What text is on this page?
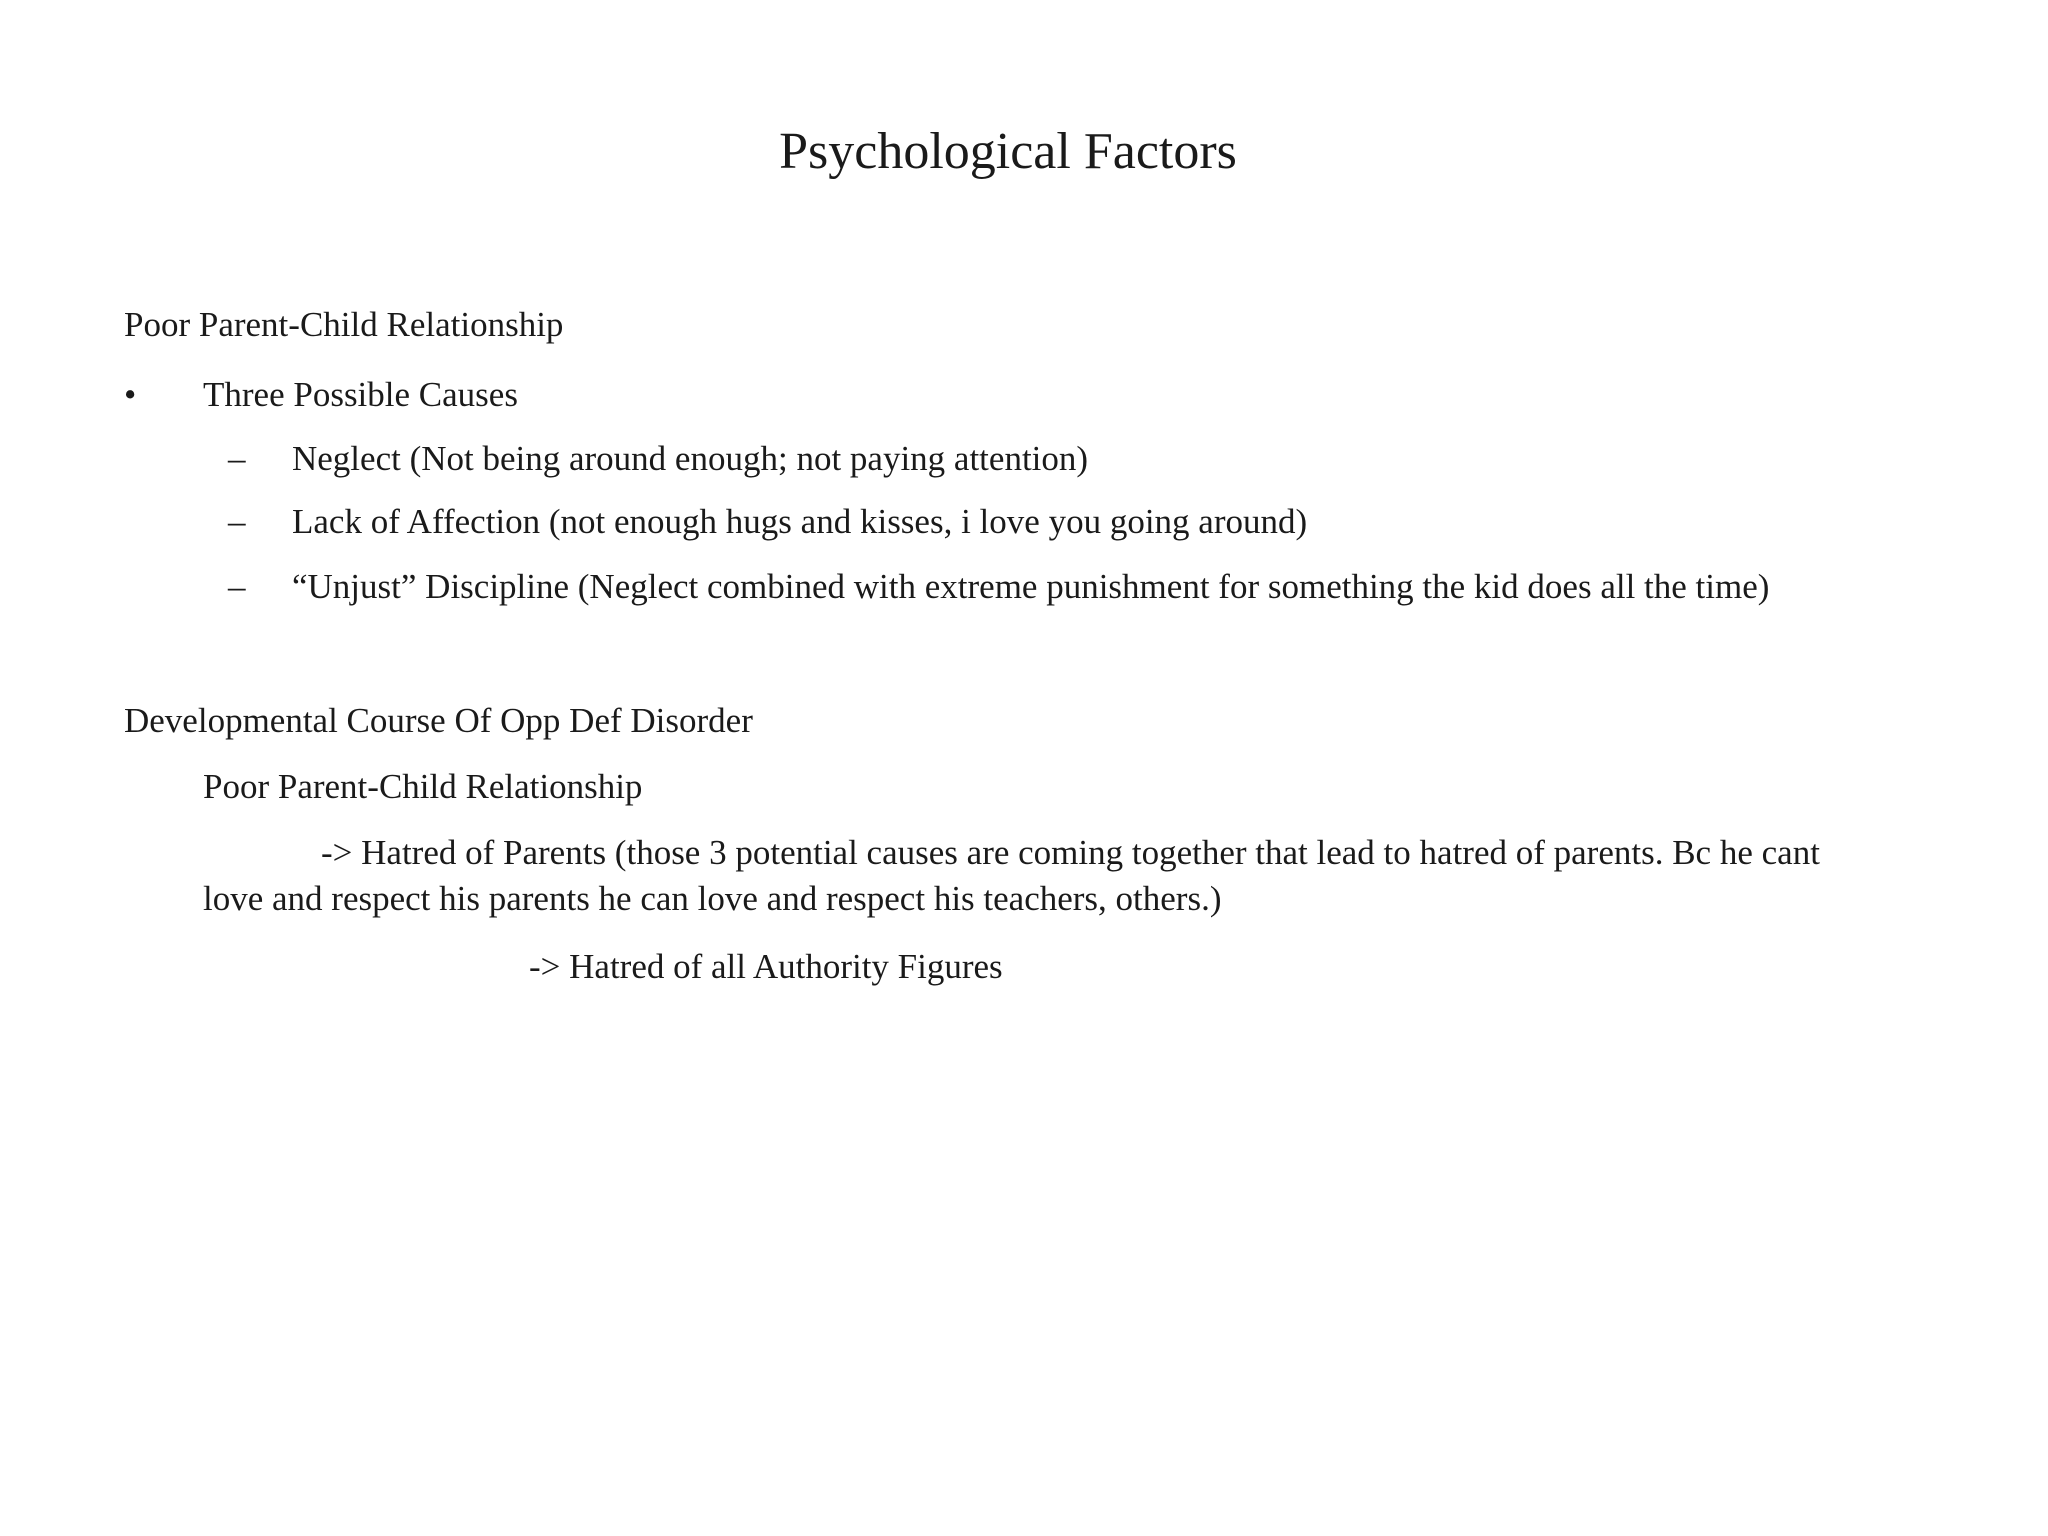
Psychological Factors
Poor Parent-Child Relationship
• Three Possible Causes
– Neglect (Not being around enough; not paying attention)
– Lack of Affection (not enough hugs and kisses, i love you going around)
– “Unjust” Discipline (Neglect combined with extreme punishment for something the kid does all the time)
Developmental Course Of Opp Def Disorder
Poor Parent-Child Relationship
-> Hatred of Parents (those 3 potential causes are coming together that lead to hatred of parents. Bc he cant
love and respect his parents he can love and respect his teachers, others.)
-> Hatred of all Authority Figures
